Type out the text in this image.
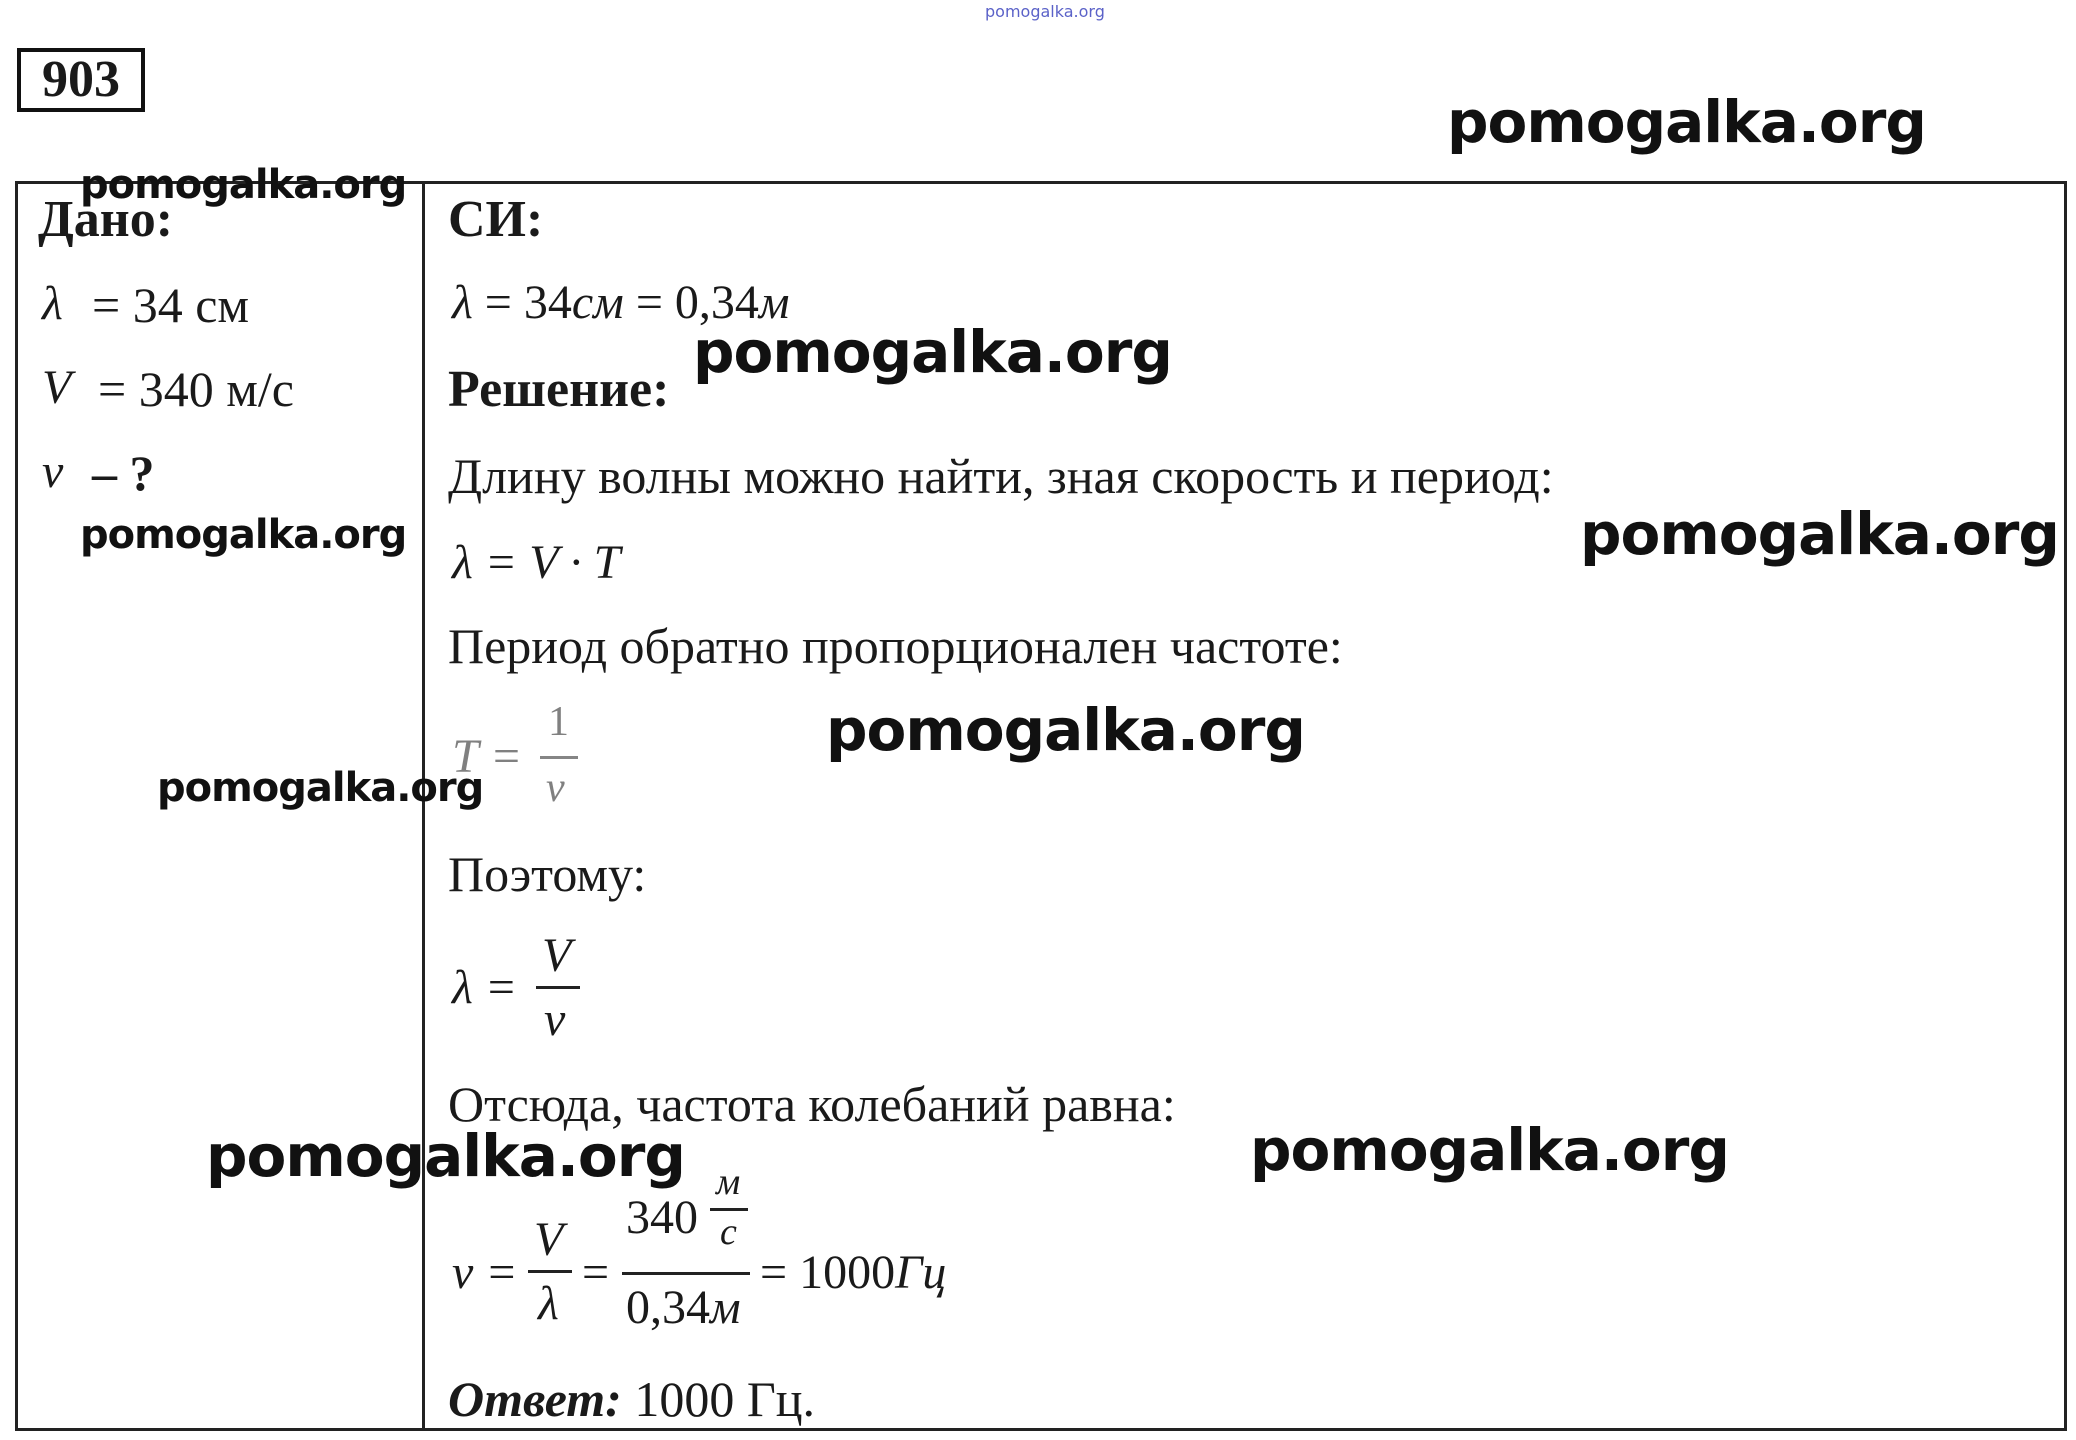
pomogalka.org
903
Дано:
λ = 34 см
V = 340 м/с
ν – ?
СИ:
λ = 34см = 0,34м
Решение:
Длину волны можно найти, зная скорость и период:
λ = V · T
Период обратно пропорционален частоте:
T =
1
ν
Поэтому:
λ =
V
ν
Отсюда, частота колебаний равна:
ν =
V
λ
=
340
м
с
0,34м
= 1000Гц
Ответ: 1000 Гц.
pomogalka.org
pomogalka.org
pomogalka.org
pomogalka.org	pomogalka.org
pomogalka.org
pomogalka.org
pomogalka.org	pomogalka.org
